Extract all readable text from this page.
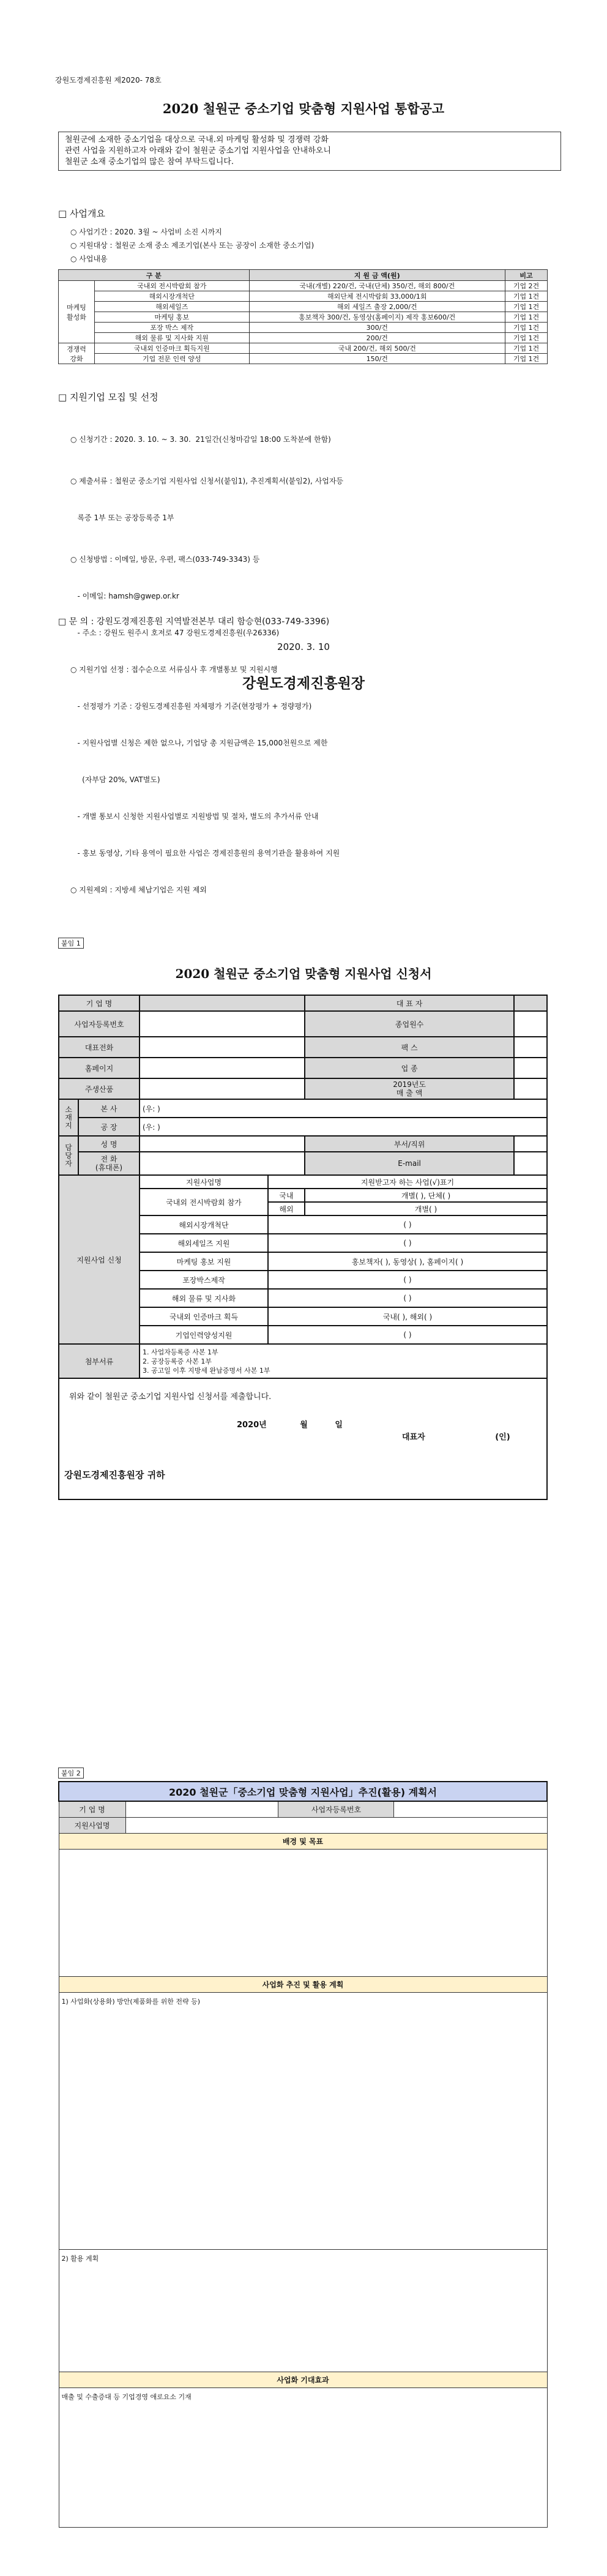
강원도경제진흥원 제2020- 78호
2020 철원군 중소기업 맞춤형 지원사업 통합공고
철원군에 소재한 중소기업을 대상으로 국내․외 마케팅 활성화 및 경쟁력 강화
관련 사업을 지원하고자 아래와 같이 철원군 중소기업 지원사업을 안내하오니
철원군 소재 중소기업의 많은 참여 부탁드립니다.
□ 사업개요
○ 사업기간 : 2020. 3월 ~ 사업비 소진 시까지
○ 지원대상 : 철원군 소재 중소 제조기업(본사 또는 공장이 소재한 중소기업)
○ 사업내용
구 분		지 원 금 액(원)	비고
마케팅
활성화	국내외 전시박람회 참가	국내(개별) 220/건, 국내(단체) 350/건, 해외 800/건	기업 2건
	해외시장개척단	해외단체 전시박람회 33,000/1회	기업 1건
	해외세일즈	해외 세일즈 출장 2,000/건	기업 1건
	마케팅 홍보	홍보책자 300/건, 동영상(홈페이지) 제작 홍보600/건	기업 1건
	포장 박스 제작	300/건	기업 1건
	해외 물류 및 지사화 지원	200/건	기업 1건
경쟁력
강화	국내외 인증마크 획득지원	국내 200/건, 해외 500/건	기업 1건
	기업 전문 인력 양성	150/건	기업 1건
□ 지원기업 모집 및 선정

○ 신청기간 : 2020. 3. 10. ~ 3. 30.  21일간(신청마감일 18:00 도착분에 한함)

○ 제출서류 : 철원군 중소기업 지원사업 신청서(붙임1), 추진계획서(붙임2), 사업자등

록증 1부 또는 공장등록증 1부

○ 신청방법 : 이메일, 방문, 우편, 팩스(033-749-3343) 등

- 이메일: hamsh@gwep.or.kr

- 주소 : 강원도 원주시 호저로 47 강원도경제진흥원(우26336)

○ 지원기업 선정 : 접수순으로 서류심사 후 개별통보 및 지원시행

- 선정평가 기준 : 강원도경제진흥원 자체평가 기준(현장평가 + 정량평가)

- 지원사업별 신청은 제한 없으나, 기업당 총 지원금액은 15,000천원으로 제한

(자부담 20%, VAT별도)

- 개별 통보시 신청한 지원사업별로 지원방법 및 절차, 별도의 추가서류 안내

- 홍보 동영상, 기타 용역이 필요한 사업은 경제진흥원의 용역기관을 활용하여 지원

○ 지원제외 : 지방세 체납기업은 지원 제외

□ 문 의 : 강원도경제진흥원 지역발전본부 대리 함승현(033-749-3396)
2020. 3. 10
강원도경제진흥원장
붙임 1
2020 철원군 중소기업 맞춤형 지원사업 신청서
기 업 명				대 표 자	
사업자등록번호				종업원수	
대표전화				팩 스	
홈페이지				업 종	
주생산품				2019년도
매 출 액	

소
재
지	본 사	(우: )			
	공 장	(우: )			
담
당
자	성 명			부서/직위	

	전 화
(휴대폰)			E-mail	
지원사업 신청		지원사업명	지원받고자 하는 사업(√)표기		
		국내외 전시박람회 참가	국내	개별( ), 단체( )	
			해외	개별( )	
		해외시장개척단	( )		
		해외세일즈 지원	( )		
		마케팅 홍보 지원	홍보책자( ), 동영상( ), 홈페이지( )		
		포장박스제작	( )		
		해외 물류 및 지사화	( )		
		국내외 인증마크 획득	국내( ), 해외( )		
		기업인력양성지원	( )		
첨부서류		1. 사업자등록증 사본 1부
2. 공장등록증 사본 1부
3. 공고일 이후 지방세 완납증명서 사본 1부			

위와 같이 철원군 중소기업 지원사업 신청서를 제출합니다.
2020년 월 일
대표자 (인)
강원도경제진흥원장 귀하					
붙임 2
2020 철원군「중소기업 맞춤형 지원사업」추진(활용) 계획서			
기 업 명		사업자등록번호	
지원사업명			
배경 및 목표			

사업화 추진 및 활용 계획			

1) 사업화(상용화) 방안(제품화를 위한 전략 등)			

2) 활용 계획			

사업화 기대효과			

매출 및 수출증대 등 기업경영 애로요소 기재			
